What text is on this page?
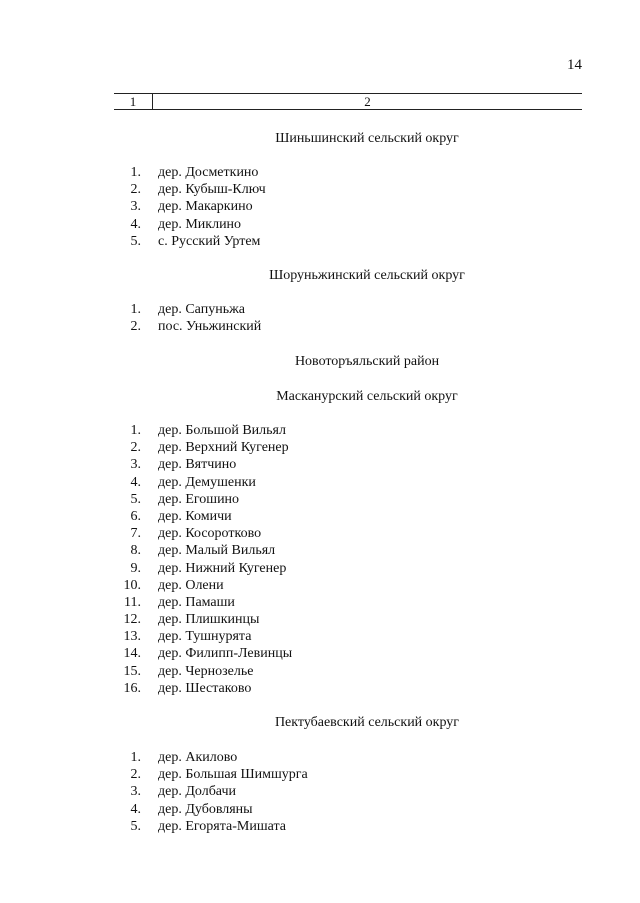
14
1	2
Шиньшинский сельский округ
1. дер. Досметкино
2. дер. Кубыш-Ключ
3. дер. Макаркино
4. дер. Миклино
5. с. Русский Уртем
Шоруньжинский сельский округ
1. дер. Сапуньжа
2. пос. Уньжинский
Новоторъяльский район
Масканурский сельский округ
1. дер. Большой Вильял
2. дер. Верхний Кугенер
3. дер. Вятчино
4. дер. Демушенки
5. дер. Егошино
6. дер. Комичи
7. дер. Косоротково
8. дер. Малый Вильял
9. дер. Нижний Кугенер
10. дер. Олени
11. дер. Памаши
12. дер. Плишкинцы
13. дер. Тушнурята
14. дер. Филипп-Левинцы
15. дер. Чернозелье
16. дер. Шестаково
Пектубаевский сельский округ
1. дер. Акилово
2. дер. Большая Шимшурга
3. дер. Долбачи
4. дер. Дубовляны
5. дер. Егорята-Мишата
